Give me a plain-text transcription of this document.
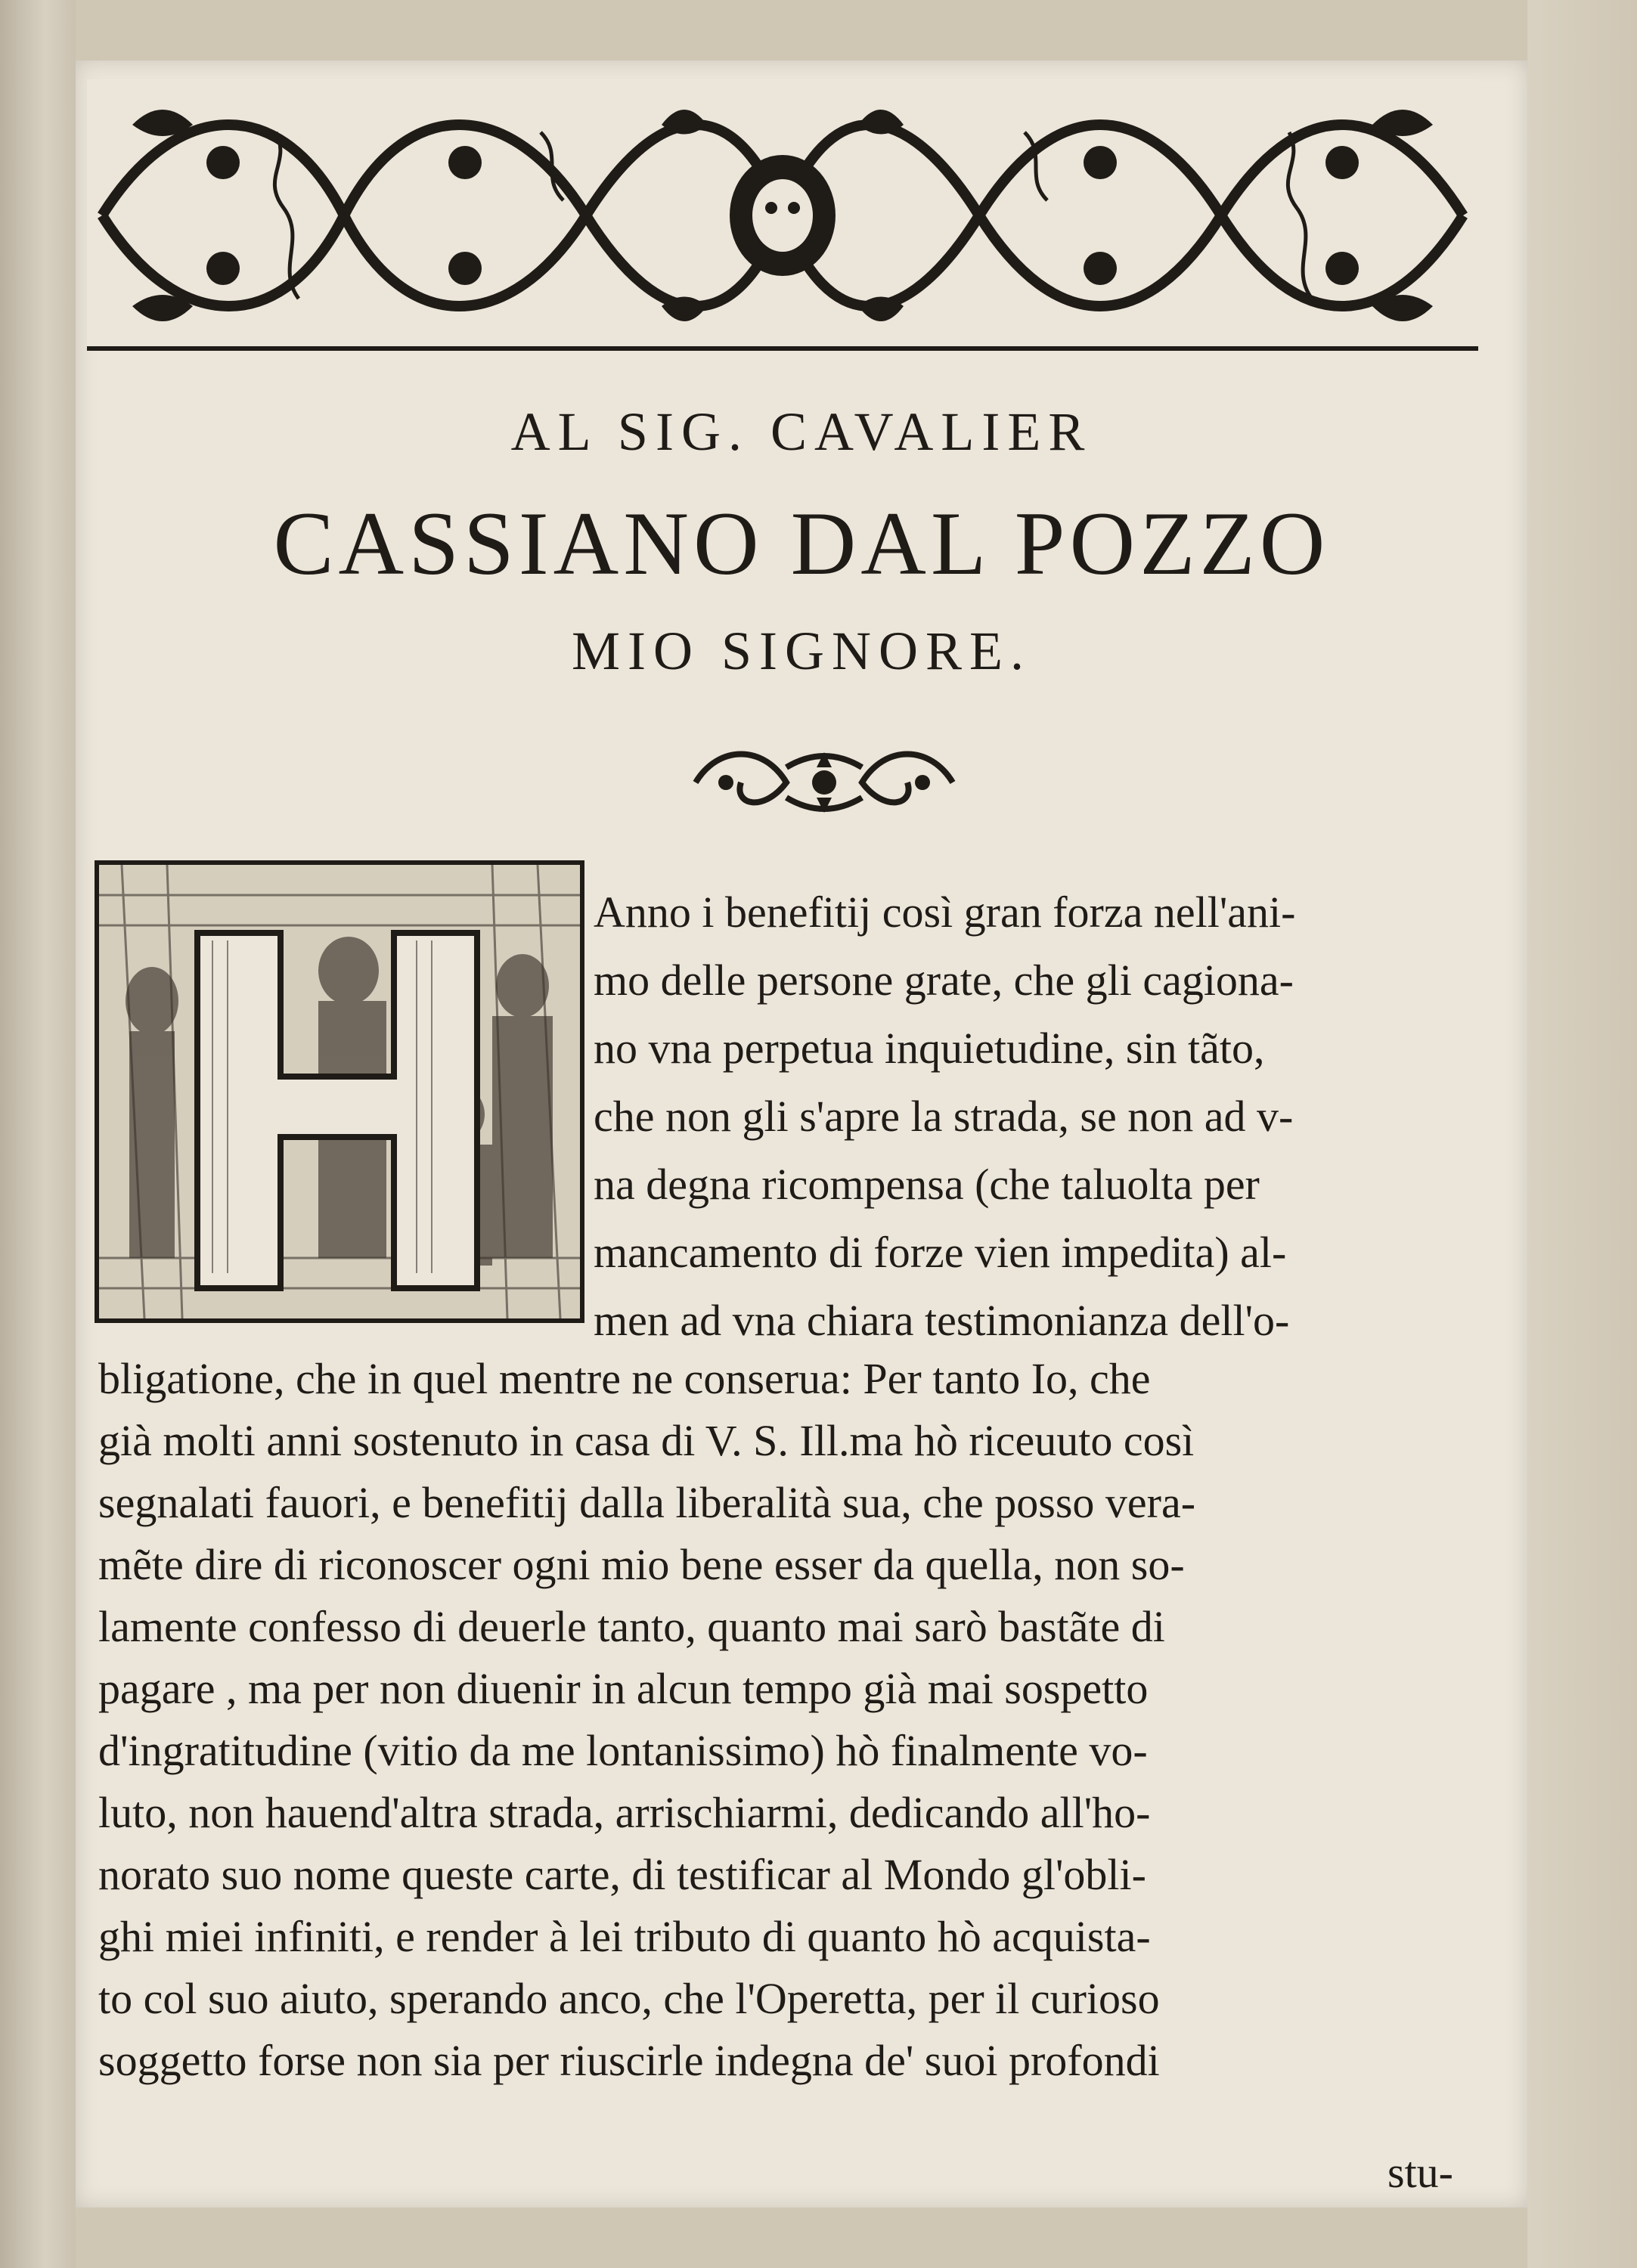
AL SIG. CAVALIER
CASSIANO DAL POZZO
MIO SIGNORE.
Anno i benefitij così gran forza nell'ani-
mo delle persone grate, che gli cagiona-
no vna perpetua inquietudine, sin tãto,
che non gli s'apre la strada, se non ad v-
na degna ricompensa (che taluolta per
mancamento di forze vien impedita) al-
men ad vna chiara testimonianza dell'o-
bligatione, che in quel mentre ne conserua: Per tanto Io, che
già molti anni sostenuto in casa di V. S. Ill.ma hò riceuuto così
segnalati fauori, e benefitij dalla liberalità sua, che posso vera-
mẽte dire di riconoscer ogni mio bene esser da quella, non so-
lamente confesso di deuerle tanto, quanto mai sarò bastãte di
pagare , ma per non diuenir in alcun tempo già mai sospetto
d'ingratitudine (vitio da me lontanissimo) hò finalmente vo-
luto, non hauend'altra strada, arrischiarmi, dedicando all'ho-
norato suo nome queste carte, di testificar al Mondo gl'obli-
ghi miei infiniti, e render à lei tributo di quanto hò acquista-
to col suo aiuto, sperando anco, che l'Operetta, per il curioso
soggetto forse non sia per riuscirle indegna de' suoi profondi
stu-
